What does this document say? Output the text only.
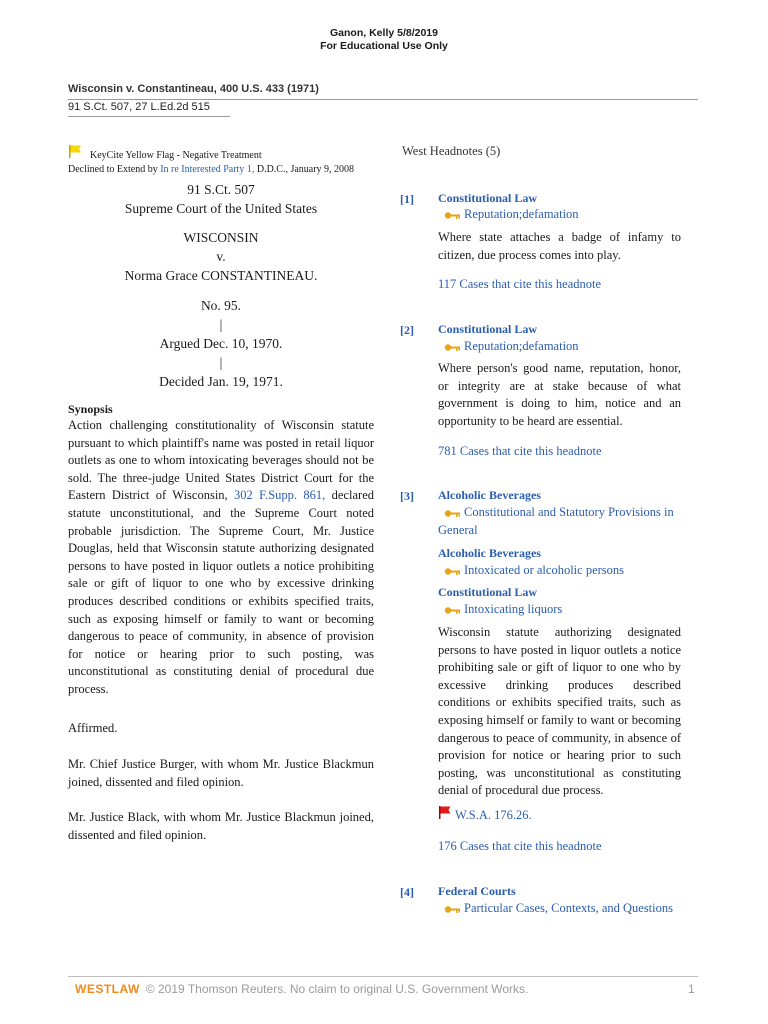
Ganon, Kelly 5/8/2019
For Educational Use Only
Wisconsin v. Constantineau, 400 U.S. 433 (1971)
91 S.Ct. 507, 27 L.Ed.2d 515
KeyCite Yellow Flag - Negative Treatment
Declined to Extend by In re Interested Party 1, D.D.C., January 9, 2008
91 S.Ct. 507
Supreme Court of the United States
WISCONSIN
v.
Norma Grace CONSTANTINEAU.
No. 95.
|
Argued Dec. 10, 1970.
|
Decided Jan. 19, 1971.
Synopsis
Action challenging constitutionality of Wisconsin statute pursuant to which plaintiff's name was posted in retail liquor outlets as one to whom intoxicating beverages should not be sold. The three-judge United States District Court for the Eastern District of Wisconsin, 302 F.Supp. 861, declared statute unconstitutional, and the Supreme Court noted probable jurisdiction. The Supreme Court, Mr. Justice Douglas, held that Wisconsin statute authorizing designated persons to have posted in liquor outlets a notice prohibiting sale or gift of liquor to one who by excessive drinking produces described conditions or exhibits specified traits, such as exposing himself or family to want or becoming dangerous to peace of community, in absence of provision for notice or hearing prior to such posting, was unconstitutional as constituting denial of procedural due process.
Affirmed.
Mr. Chief Justice Burger, with whom Mr. Justice Blackmun joined, dissented and filed opinion.
Mr. Justice Black, with whom Mr. Justice Blackmun joined, dissented and filed opinion.
West Headnotes (5)
[1] Constitutional Law
Reputation;defamation
Where state attaches a badge of infamy to citizen, due process comes into play.
117 Cases that cite this headnote
[2] Constitutional Law
Reputation;defamation
Where person's good name, reputation, honor, or integrity are at stake because of what government is doing to him, notice and an opportunity to be heard are essential.
781 Cases that cite this headnote
[3] Alcoholic Beverages
Constitutional and Statutory Provisions in General
Alcoholic Beverages
Intoxicated or alcoholic persons
Constitutional Law
Intoxicating liquors
Wisconsin statute authorizing designated persons to have posted in liquor outlets a notice prohibiting sale or gift of liquor to one who by excessive drinking produces described conditions or exhibits specified traits, such as exposing himself or family to want or becoming dangerous to peace of community, in absence of provision for notice or hearing prior to such posting, was unconstitutional as constituting denial of procedural due process.
W.S.A. 176.26.
176 Cases that cite this headnote
[4] Federal Courts
Particular Cases, Contexts, and Questions
WESTLAW © 2019 Thomson Reuters. No claim to original U.S. Government Works.	1
